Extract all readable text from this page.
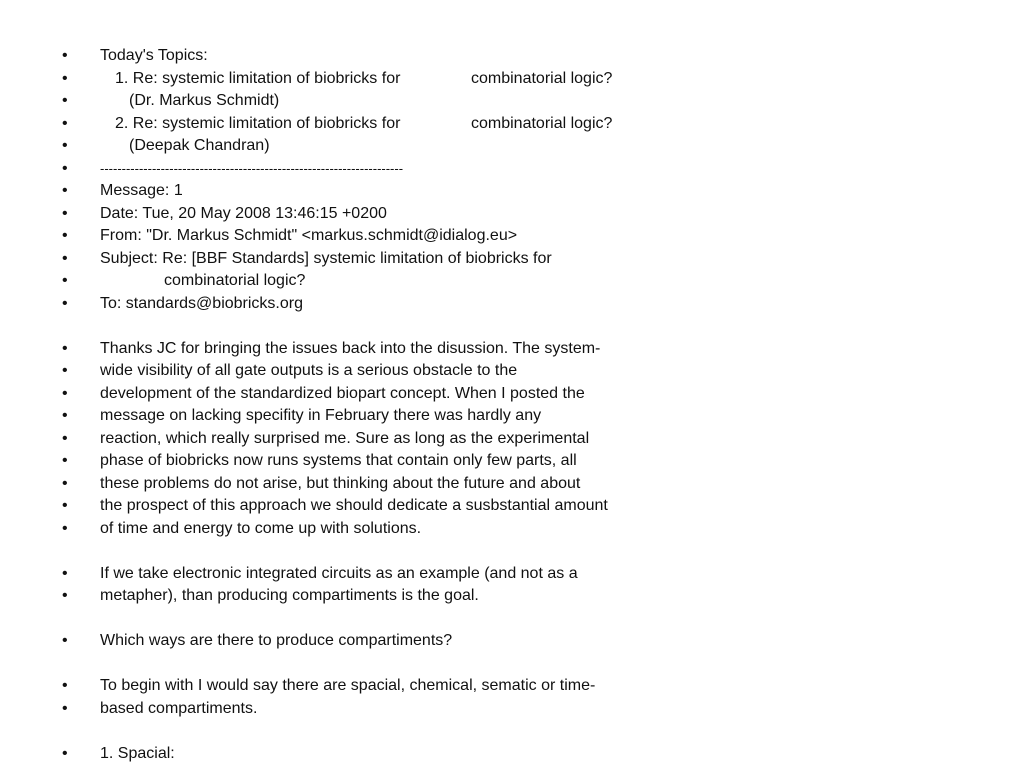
•

	Today's Topics:

•

	1. Re: systemic limitation of biobricks for

	combinatorial logic?

•

	(Dr. Markus Schmidt)

•

	2. Re: systemic limitation of biobricks for

	combinatorial logic?

•

	(Deepak Chandran)

•

	----------------------------------------------------------------------

•

	Message: 1

•

	Date: Tue, 20 May 2008 13:46:15 +0200

•

	From: "Dr. Markus Schmidt" <markus.schmidt@idialog.eu>

•

	Subject: Re: [BBF Standards] systemic limitation of biobricks for

•

	combinatorial logic?

•

	To: standards@biobricks.org

•	Thanks JC for bringing the issues back into the disussion. The system-
•	wide visibility of all gate outputs is a serious obstacle to the
•	development of the standardized biopart concept. When I posted the
•	message on lacking specifity in February there was hardly any
•	reaction, which really surprised me. Sure as long as the experimental
•	phase of biobricks now runs systems that contain only few parts, all
•	these problems do not arise, but thinking about the future and about
•	the prospect of this approach we should dedicate a susbstantial amount
•	of time and energy to come up with solutions.
•	If we take electronic integrated circuits as an example (and not as a
•	metapher), than producing compartiments is the goal.
•	Which ways are there to produce compartiments?
•	To begin with I would say there are spacial, chemical, sematic or time-
•	based compartiments.
•	1. Spacial:
